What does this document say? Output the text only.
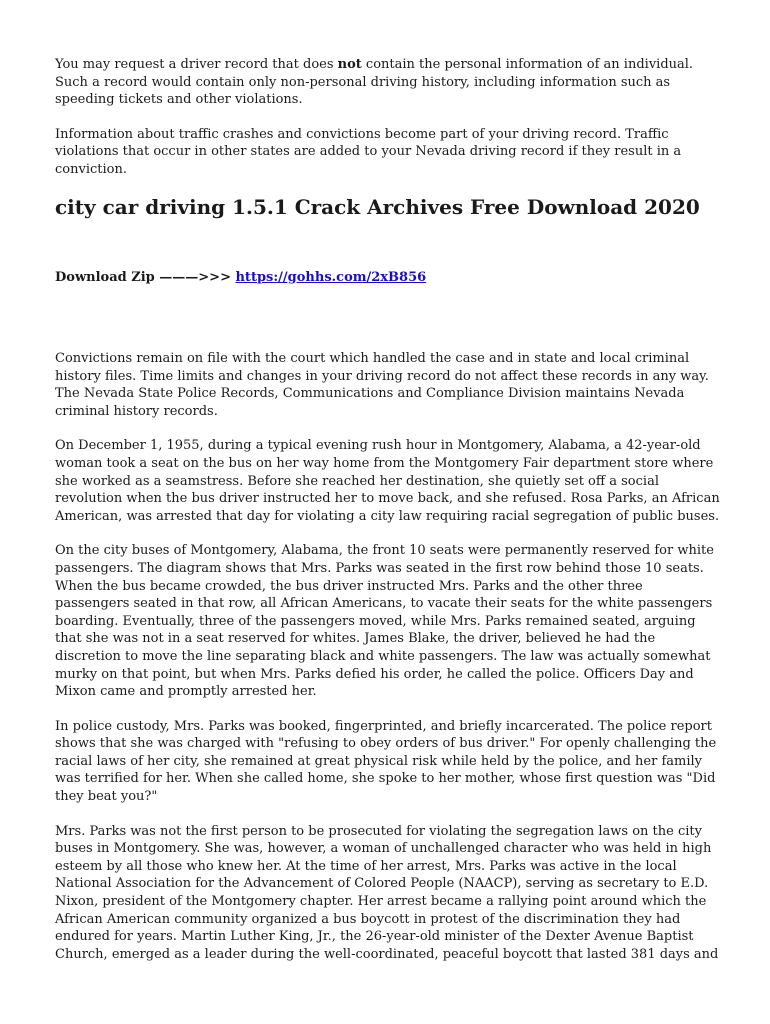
You may request a driver record that does not contain the personal information of an individual. Such a record would contain only non-personal driving history, including information such as speeding tickets and other violations.

Information about traffic crashes and convictions become part of your driving record. Traffic violations that occur in other states are added to your Nevada driving record if they result in a conviction.

city car driving 1.5.1 Crack Archives Free Download 2020
Download Zip ———>>> https://gohhs.com/2xB856

Convictions remain on file with the court which handled the case and in state and local criminal history files. Time limits and changes in your driving record do not affect these records in any way. The Nevada State Police Records, Communications and Compliance Division maintains Nevada criminal history records.

On December 1, 1955, during a typical evening rush hour in Montgomery, Alabama, a 42-year-old woman took a seat on the bus on her way home from the Montgomery Fair department store where she worked as a seamstress. Before she reached her destination, she quietly set off a social revolution when the bus driver instructed her to move back, and she refused. Rosa Parks, an African American, was arrested that day for violating a city law requiring racial segregation of public buses.

On the city buses of Montgomery, Alabama, the front 10 seats were permanently reserved for white passengers. The diagram shows that Mrs. Parks was seated in the first row behind those 10 seats. When the bus became crowded, the bus driver instructed Mrs. Parks and the other three passengers seated in that row, all African Americans, to vacate their seats for the white passengers boarding. Eventually, three of the passengers moved, while Mrs. Parks remained seated, arguing that she was not in a seat reserved for whites. James Blake, the driver, believed he had the discretion to move the line separating black and white passengers. The law was actually somewhat murky on that point, but when Mrs. Parks defied his order, he called the police. Officers Day and Mixon came and promptly arrested her.

In police custody, Mrs. Parks was booked, fingerprinted, and briefly incarcerated. The police report shows that she was charged with "refusing to obey orders of bus driver." For openly challenging the racial laws of her city, she remained at great physical risk while held by the police, and her family was terrified for her. When she called home, she spoke to her mother, whose first question was "Did they beat you?"

Mrs. Parks was not the first person to be prosecuted for violating the segregation laws on the city buses in Montgomery. She was, however, a woman of unchallenged character who was held in high esteem by all those who knew her. At the time of her arrest, Mrs. Parks was active in the local National Association for the Advancement of Colored People (NAACP), serving as secretary to E.D. Nixon, president of the Montgomery chapter. Her arrest became a rallying point around which the African American community organized a bus boycott in protest of the discrimination they had endured for years. Martin Luther King, Jr., the 26-year-old minister of the Dexter Avenue Baptist Church, emerged as a leader during the well-coordinated, peaceful boycott that lasted 381 days and
